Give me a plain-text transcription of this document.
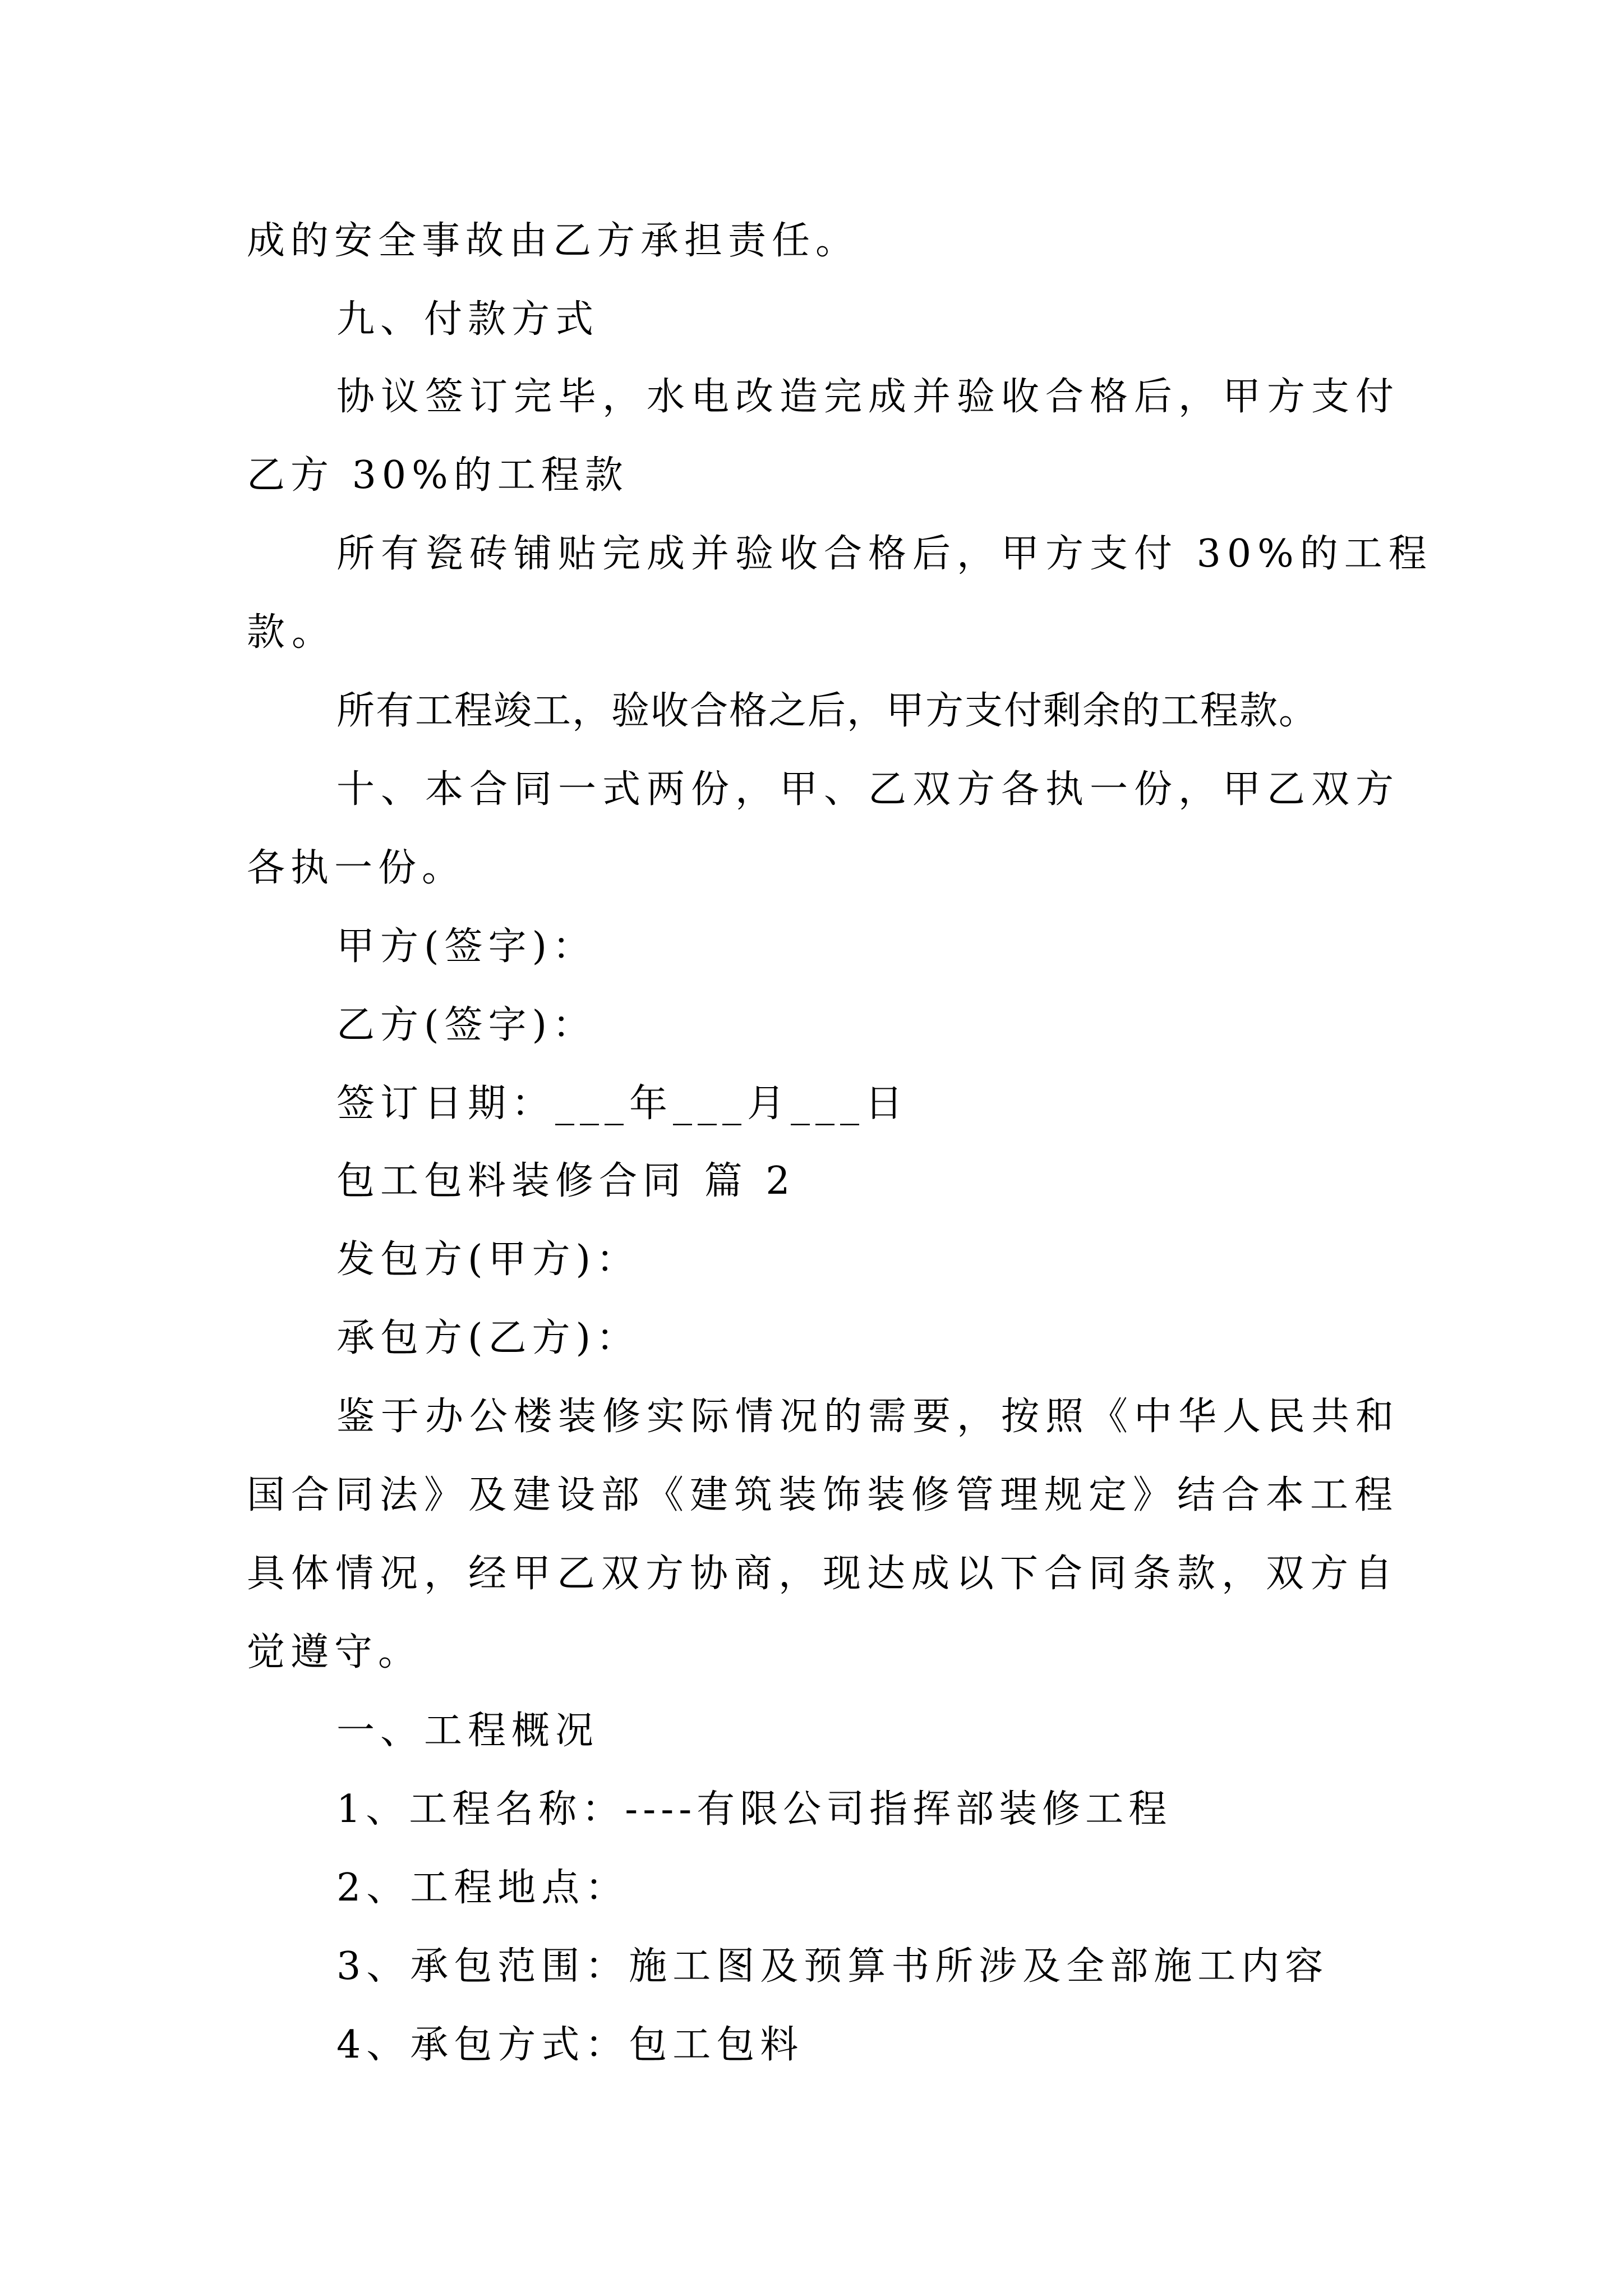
成的安全事故由乙方承担责任。
九、付款方式
协议签订完毕，水电改造完成并验收合格后，甲方支付
乙方 30%的工程款
所有瓷砖铺贴完成并验收合格后，甲方支付 30%的工程
款。
所有工程竣工，验收合格之后，甲方支付剩余的工程款。
十、本合同一式两份，甲、乙双方各执一份，甲乙双方
各执一份。
甲方(签字)：
乙方(签字)：
签订日期：___年___月___日
包工包料装修合同 篇 2
发包方(甲方)：
承包方(乙方)：
鉴于办公楼装修实际情况的需要，按照《中华人民共和
国合同法》及建设部《建筑装饰装修管理规定》结合本工程
具体情况，经甲乙双方协商，现达成以下合同条款，双方自
觉遵守。
一、工程概况
1、工程名称：----有限公司指挥部装修工程
2、工程地点：
3、承包范围：施工图及预算书所涉及全部施工内容
4、承包方式：包工包料
